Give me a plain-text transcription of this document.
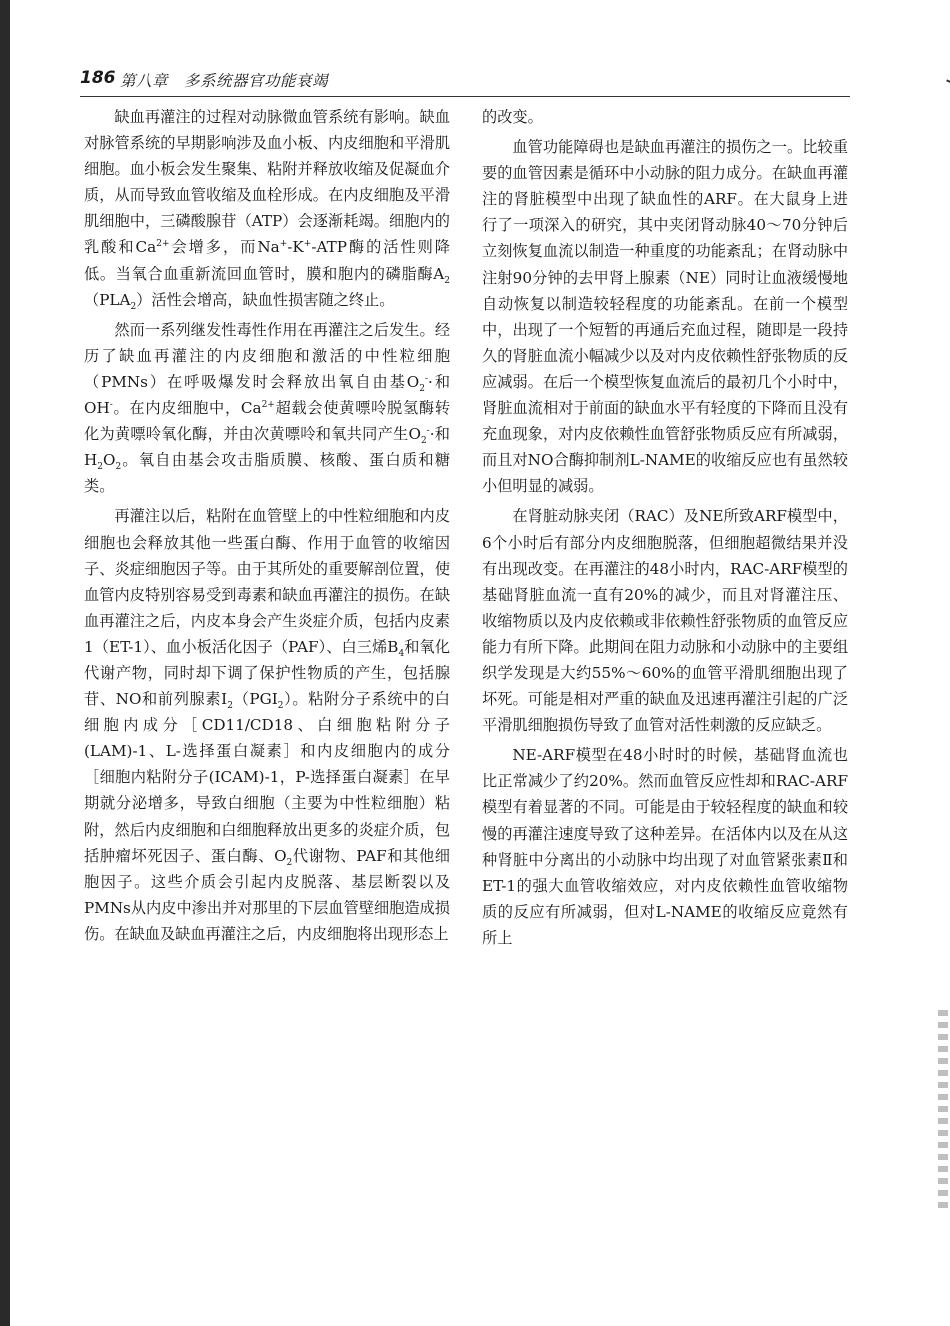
186 第八章　多系统器官功能衰竭

缺血再灌注的过程对动脉微血管系统有影响。缺血对脉管系统的早期影响涉及血小板、内皮细胞和平滑肌细胞。血小板会发生聚集、粘附并释放收缩及促凝血介质，从而导致血管收缩及血栓形成。在内皮细胞及平滑肌细胞中，三磷酸腺苷（ATP）会逐渐耗竭。细胞内的乳酸和$Ca^{2+}$会增多，而Na+-K+-ATP酶的活性则降低。当氧合血重新流回血管时，膜和胞内的磷脂酶$A_2(PLA_2)$活性会增高，缺血性损害随之终止。

然而一系列继发性毒性作用在再灌注之后发生。经历了缺血再灌注的内皮细胞和激活的中性粒细胞（PMNs）在呼吸爆发时会释放出氧自由基$O_2^-\cdot$和OH-。在内皮细胞中，$Ca^{2+}$超载会使黄嘌呤脱氢酶转化为黄嘌呤氧化酶，并由次黄嘌呤和氧共同产生$O_2^-\cdot$和$H_2O_2$。氧自由基会攻击脂质膜、核酸、蛋白质和糖类。

再灌注以后，粘附在血管壁上的中性粒细胞和内皮细胞也会释放其他一些蛋白酶、作用于血管的收缩因子、炎症细胞因子等。由于其所处的重要解剖位置，使血管内皮特别容易受到毒素和缺血再灌注的损伤。在缺血再灌注之后，内皮本身会产生炎症介质，包括内皮素1（ET-1）、血小板活化因子（PAF）、白三烯$B_4$和氧化代谢产物，同时却下调了保护性物质的产生，包括腺苷、NO和前列腺素$I_2(PGI_2)$。粘附分子系统中的白细胞内成分［CD11/CD18、白细胞粘附分子(LAM)-1、L-选择蛋白凝素］和内皮细胞内的成分［细胞内粘附分子(ICAM)-1，P-选择蛋白凝素］在早期就分泌增多，导致白细胞（主要为中性粒细胞）粘附，然后内皮细胞和白细胞释放出更多的炎症介质，包括肿瘤坏死因子、蛋白酶、$O_2$代谢物、PAF和其他细胞因子。这些介质会引起内皮脱落、基层断裂以及PMNs从内皮中渗出并对那里的下层血管壁细胞造成损伤。在缺血及缺血再灌注之后，内皮细胞将出现形态上

的改变。

血管功能障碍也是缺血再灌注的损伤之一。比较重要的血管因素是循环中小动脉的阻力成分。在缺血再灌注的肾脏模型中出现了缺血性的ARF。在大鼠身上进行了一项深入的研究，其中夹闭肾动脉40～70分钟后立刻恢复血流以制造一种重度的功能紊乱；在肾动脉中注射90分钟的去甲肾上腺素（NE）同时让血液缓慢地自动恢复以制造较轻程度的功能紊乱。在前一个模型中，出现了一个短暂的再通后充血过程，随即是一段持久的肾脏血流小幅减少以及对内皮依赖性舒张物质的反应减弱。在后一个模型恢复血流后的最初几个小时中，肾脏血流相对于前面的缺血水平有轻度的下降而且没有充血现象，对内皮依赖性血管舒张物质反应有所减弱，而且对NO合酶抑制剂L-NAME的收缩反应也有虽然较小但明显的减弱。

在肾脏动脉夹闭（RAC）及NE所致ARF模型中，6个小时后有部分内皮细胞脱落，但细胞超微结果并没有出现改变。在再灌注的48小时内，RAC-ARF模型的基础肾脏血流一直有20%的减少，而且对肾灌注压、收缩物质以及内皮依赖或非依赖性舒张物质的血管反应能力有所下降。此期间在阻力动脉和小动脉中的主要组织学发现是大约55%～60%的血管平滑肌细胞出现了坏死。可能是相对严重的缺血及迅速再灌注引起的广泛平滑肌细胞损伤导致了血管对活性刺激的反应缺乏。

NE-ARF模型在48小时时的时候，基础肾血流也比正常减少了约20%。然而血管反应性却和RAC-ARF模型有着显著的不同。可能是由于较轻程度的缺血和较慢的再灌注速度导致了这种差异。在活体内以及在从这种肾脏中分离出的小动脉中均出现了对血管紧张素Ⅱ和ET-1的强大血管收缩效应，对内皮依赖性血管收缩物质的反应有所减弱，但对L-NAME的收缩反应竟然有所上
